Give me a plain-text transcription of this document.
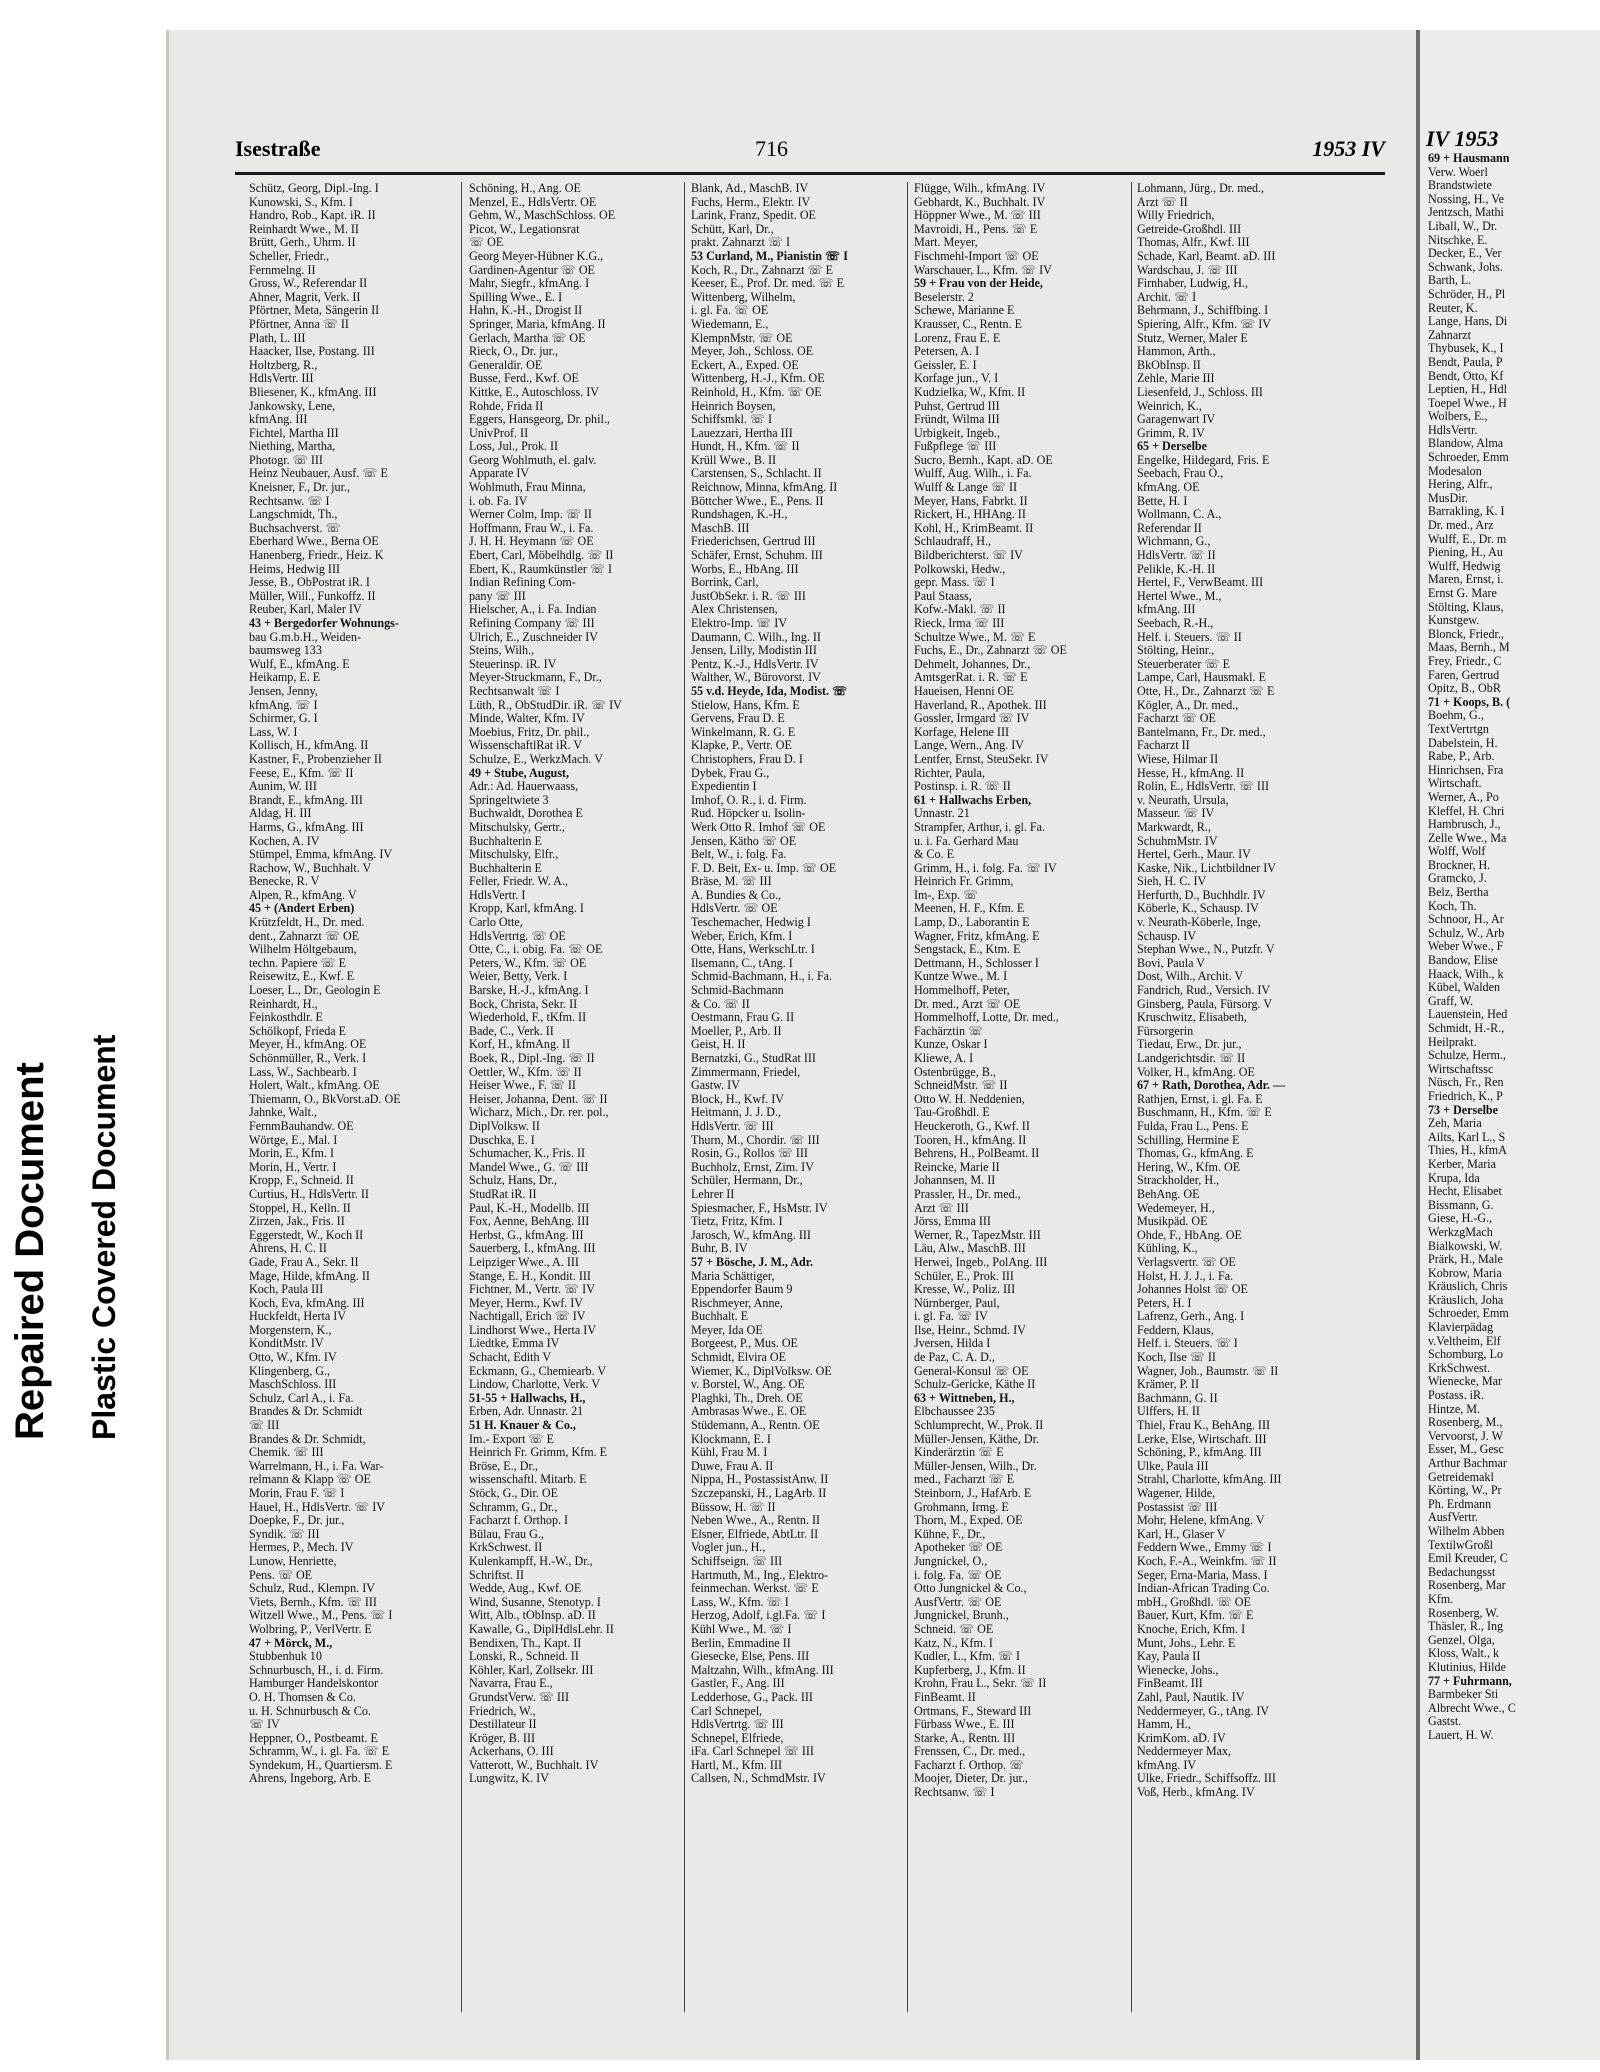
Repaired Document Plastic Covered Document
Isestraße	716	1953 IV
Schütz, Georg, Dipl.-Ing. I
Kunowski, S., Kfm. I
Handro, Rob., Kapt. iR. II
Reinhardt Wwe., M. II
Brütt, Gerh., Uhrm. II
Scheller, Friedr.,
Fernmelng. II
Gross, W., Referendar II
Ahner, Magrit, Verk. II
Pförtner, Meta, Sängerin II
Pförtner, Anna ☏ II
Plath, L. III
Haacker, Ilse, Postang. III
Holtzberg, R.,
HdlsVertr. III
Bliesener, K., kfmAng. III
Jankowsky, Lene,
kfmAng. III
Fichtel, Martha III
Niething, Martha,
Photogr. ☏ III
Heinz Neubauer, Ausf. ☏ E
Kneisner, F., Dr. jur.,
Rechtsanw. ☏ I
Langschmidt, Th.,
Buchsachverst. ☏
Eberhard Wwe., Berna OE
Hanenberg, Friedr., Heiz. K
Heims, Hedwig III
Jesse, B., ObPostrat iR. I
Müller, Will., Funkoffz. II
Reuber, Karl, Maler IV
43 + Bergedorfer Wohnungs-
bau G.m.b.H., Weiden-
baumsweg 133
Wulf, E., kfmAng. E
Heikamp, E. E
Jensen, Jenny,
kfmAng. ☏ I
Schirmer, G. I
Lass, W. I
Kollisch, H., kfmAng. II
Kastner, F., Probenzieher II
Feese, E., Kfm. ☏ II
Aunim, W. III
Brandt, E., kfmAng. III
Aldag, H. III
Harms, G., kfmAng. III
Kochen, A. IV
Stümpel, Emma, kfmAng. IV
Rachow, W., Buchhalt. V
Benecke, R. V
Alpen, R., kfmAng. V
45 + (Andert Erben)
Krützfeldt, H., Dr. med.
dent., Zahnarzt ☏ OE
Wilhelm Höltgebaum,
techn. Papiere ☏ E
Reisewitz, E., Kwf. E
Loeser, L., Dr., Geologin E
Reinhardt, H.,
Feinkosthdlr. E
Schölkopf, Frieda E
Meyer, H., kfmAng. OE
Schönmüller, R., Verk. I
Lass, W., Sachbearb. I
Holert, Walt., kfmAng. OE
Thiemann, O., BkVorst.aD. OE
Jahnke, Walt.,
FernmBauhandw. OE
Wörtge, E., Mal. I
Morin, E., Kfm. I
Morin, H., Vertr. I
Kropp, F., Schneid. II
Curtius, H., HdlsVertr. II
Stoppel, H., Kelln. II
Zirzen, Jak., Fris. II
Eggerstedt, W., Koch II
Ahrens, H. C. II
Gade, Frau A., Sekr. II
Mage, Hilde, kfmAng. II
Koch, Paula III
Koch, Eva, kfmAng. III
Huckfeldt, Herta IV
Morgenstern, K.,
KonditMstr. IV
Otto, W., Kfm. IV
Klingenberg, G.,
MaschSchloss. III
Schulz, Carl A., i. Fa.
Brandes & Dr. Schmidt
☏ III
Brandes & Dr. Schmidt,
Chemik. ☏ III
Warrelmann, H., i. Fa. War-
relmann & Klapp ☏ OE
Morin, Frau F. ☏ I
Hauel, H., HdlsVertr. ☏ IV
Doepke, F., Dr. jur.,
Syndik. ☏ III
Hermes, P., Mech. IV
Lunow, Henriette,
Pens. ☏ OE
Schulz, Rud., Klempn. IV
Viets, Bernh., Kfm. ☏ III
Witzell Wwe., M., Pens. ☏ I
Wolbring, P., VerlVertr. E
47 + Mörck, M.,
Stubbenhuk 10
Schnurbusch, H., i. d. Firm.
Hamburger Handelskontor
O. H. Thomsen & Co.
u. H. Schnurbusch & Co.
☏ IV
Heppner, O., Postbeamt. E
Schramm, W., i. gl. Fa. ☏ E
Syndekum, H., Quartiersm. E
Ahrens, Ingeborg, Arb. E
Schöning, H., Ang. OE
Menzel, E., HdlsVertr. OE
Gehm, W., MaschSchloss. OE
Picot, W., Legationsrat
☏ OE
Georg Meyer-Hübner K.G.,
Gardinen-Agentur ☏ OE
Mahr, Siegfr., kfmAng. I
Spilling Wwe., E. I
Hahn, K.-H., Drogist II
Springer, Maria, kfmAng. II
Gerlach, Martha ☏ OE
Rieck, O., Dr. jur.,
Generaldir. OE
Busse, Ferd., Kwf. OE
Kittke, E., Autoschloss. IV
Rohde, Frida II
Eggers, Hansgeorg, Dr. phil.,
UnivProf. II
Loss, Jul., Prok. II
Georg Wohlmuth, el. galv.
Apparate IV
Wohlmuth, Frau Minna,
i. ob. Fa. IV
Werner Colm, Imp. ☏ II
Hoffmann, Frau W., i. Fa.
J. H. H. Heymann ☏ OE
Ebert, Carl, Möbelhdlg. ☏ II
Ebert, K., Raumkünstler ☏ I
Indian Refining Com-
pany ☏ III
Hielscher, A., i. Fa. Indian
Refining Company ☏ III
Ulrich, E., Zuschneider IV
Steins, Wilh.,
Steuerinsp. iR. IV
Meyer-Struckmann, F., Dr.,
Rechtsanwalt ☏ I
Lüth, R., ObStudDir. iR. ☏ IV
Minde, Walter, Kfm. IV
Moebius, Fritz, Dr. phil.,
WissenschaftlRat iR. V
Schulze, E., WerkzMach. V
49 + Stube, August,
Adr.: Ad. Hauerwaass,
Springeltwiete 3
Buchwaldt, Dorothea E
Mitschulsky, Gertr.,
Buchhalterin E
Mitschulsky, Elfr.,
Buchhalterin E
Feller, Friedr. W. A.,
HdlsVertr. I
Kropp, Karl, kfmAng. I
Carlo Otte,
HdlsVertrtg. ☏ OE
Otte, C., i. obig. Fa. ☏ OE
Peters, W., Kfm. ☏ OE
Weier, Betty, Verk. I
Barske, H.-J., kfmAng. I
Bock, Christa, Sekr. II
Wiederhold, F., tKfm. II
Bade, C., Verk. II
Korf, H., kfmAng. II
Boek, R., Dipl.-Ing. ☏ II
Oettler, W., Kfm. ☏ II
Heiser Wwe., F. ☏ II
Heiser, Johanna, Dent. ☏ II
Wicharz, Mich., Dr. rer. pol.,
DiplVolksw. II
Duschka, E. I
Schumacher, K., Fris. II
Mandel Wwe., G. ☏ III
Schulz, Hans, Dr.,
StudRat iR. II
Paul, K.-H., Modellb. III
Fox, Aenne, BehAng. III
Herbst, G., kfmAng. III
Sauerberg, I., kfmAng. III
Leipziger Wwe., A. III
Stange, E. H., Kondit. III
Fichtner, M., Vertr. ☏ IV
Meyer, Herm., Kwf. IV
Nachtigall, Erich ☏ IV
Lindhorst Wwe., Herta IV
Liedtke, Emma IV
Schacht, Edith V
Eckmann, G., Chemiearb. V
Lindow, Charlotte, Verk. V
51-55 + Hallwachs, H.,
Erben, Adr. Unnastr. 21
51 H. Knauer & Co.,
Im.- Export ☏ E
Heinrich Fr. Grimm, Kfm. E
Bröse, E., Dr.,
wissenschaftl. Mitarb. E
Stöck, G., Dir. OE
Schramm, G., Dr.,
Facharzt f. Orthop. I
Bülau, Frau G.,
KrkSchwest. II
Kulenkampff, H.-W., Dr.,
Schriftst. II
Wedde, Aug., Kwf. OE
Wind, Susanne, Stenotyp. I
Witt, Alb., tObInsp. aD. II
Kawalle, G., DiplHdlsLehr. II
Bendixen, Th., Kapt. II
Lonski, R., Schneid. II
Köhler, Karl, Zollsekr. III
Navarra, Frau E.,
GrundstVerw. ☏ III
Friedrich, W.,
Destillateur II
Kröger, B. III
Ackerhans, O. III
Vatterott, W., Buchhalt. IV
Lungwitz, K. IV
Blank, Ad., MaschB. IV
Fuchs, Herm., Elektr. IV
Larink, Franz, Spedit. OE
Schütt, Karl, Dr.,
prakt. Zahnarzt ☏ I
53 Curland, M., Pianistin ☏ I
Koch, R., Dr., Zahnarzt ☏ E
Keeser, E., Prof. Dr. med. ☏ E
Wittenberg, Wilhelm,
i. gl. Fa. ☏ OE
Wiedemann, E.,
KlempnMstr. ☏ OE
Meyer, Joh., Schloss. OE
Eckert, A., Exped. OE
Wittenberg, H.-J., Kfm. OE
Reinhold, H., Kfm. ☏ OE
Heinrich Boysen,
Schiffsmkl. ☏ I
Lauezzari, Hertha III
Hundt, H., Kfm. ☏ II
Krüll Wwe., B. II
Carstensen, S., Schlacht. II
Reichnow, Minna, kfmAng. II
Böttcher Wwe., E., Pens. II
Rundshagen, K.-H.,
MaschB. III
Friederichsen, Gertrud III
Schäfer, Ernst, Schuhm. III
Worbs, E., HbAng. III
Borrink, Carl,
JustObSekr. i. R. ☏ III
Alex Christensen,
Elektro-Imp. ☏ IV
Daumann, C. Wilh., Ing. II
Jensen, Lilly, Modistin III
Pentz, K.-J., HdlsVertr. IV
Walther, W., Bürovorst. IV
55 v.d. Heyde, Ida, Modist. ☏
Stielow, Hans, Kfm. E
Gervens, Frau D. E
Winkelmann, R. G. E
Klapke, P., Vertr. OE
Christophers, Frau D. I
Dybek, Frau G.,
Expedientin I
Imhof, O. R., i. d. Firm.
Rud. Höpcker u. Isolin-
Werk Otto R. Imhof ☏ OE
Jensen, Kätho ☏ OE
Belt, W., i. folg. Fa.
F. D. Beit, Ex- u. Imp. ☏ OE
Bräse, M. ☏ III
A. Bundies & Co.,
HdlsVertr. ☏ OE
Teschemacher, Hedwig I
Weber, Erich, Kfm. I
Otte, Hans, WerkschLtr. I
Ilsemann, C., tAng. I
Schmid-Bachmann, H., i. Fa.
Schmid-Bachmann
& Co. ☏ II
Oestmann, Frau G. II
Moeller, P., Arb. II
Geist, H. II
Bernatzki, G., StudRat III
Zimmermann, Friedel,
Gastw. IV
Block, H., Kwf. IV
Heitmann, J. J. D.,
HdlsVertr. ☏ III
Thurn, M., Chordir. ☏ III
Rosin, G., Rollos ☏ III
Buchholz, Ernst, Zim. IV
Schüler, Hermann, Dr.,
Lehrer II
Spiesmacher, F., HsMstr. IV
Tietz, Fritz, Kfm. I
Jarosch, W., kfmAng. III
Buhr, B. IV
57 + Bösche, J. M., Adr.
Maria Schättiger,
Eppendorfer Baum 9
Rischmeyer, Anne,
Buchhalt. E
Meyer, Ida OE
Borgeest, P., Mus. OE
Schmidt, Elvira OE
Wiemer, K., DiplVolksw. OE
v. Borstel, W., Ang. OE
Plaghki, Th., Dreh. OE
Ambrasas Wwe., E. OE
Stüdemann, A., Rentn. OE
Klockmann, E. I
Kühl, Frau M. I
Duwe, Frau A. II
Nippa, H., PostassistAnw. II
Szczepanski, H., LagArb. II
Büssow, H. ☏ II
Neben Wwe., A., Rentn. II
Elsner, Elfriede, AbtLtr. II
Vogler jun., H.,
Schiffseign. ☏ III
Hartmuth, M., Ing., Elektro-
feinmechan. Werkst. ☏ E
Lass, W., Kfm. ☏ I
Herzog, Adolf, i.gl.Fa. ☏ I
Kühl Wwe., M. ☏ I
Berlin, Emmadine II
Giesecke, Else, Pens. III
Maltzahn, Wilh., kfmAng. III
Gastler, F., Ang. III
Ledderhose, G., Pack. III
Carl Schnepel,
HdlsVertrtg. ☏ III
Schnepel, Elfriede,
iFa. Carl Schnepel ☏ III
Hartl, M., Kfm. III
Callsen, N., SchmdMstr. IV
Flügge, Wilh., kfmAng. IV
Gebhardt, K., Buchhalt. IV
Höppner Wwe., M. ☏ III
Mavroidi, H., Pens. ☏ E
Mart. Meyer,
Fischmehl-Import ☏ OE
Warschauer, L., Kfm. ☏ IV
59 + Frau von der Heide,
Beselerstr. 2
Schewe, Marianne E
Krausser, C., Rentn. E
Lorenz, Frau E. E
Petersen, A. I
Geissler, E. I
Korfage jun., V. I
Kudzielka, W., Kfm. II
Puhst, Gertrud III
Fründt, Wilma III
Urbigkeit, Ingeb.,
Fußpflege ☏ III
Sucro, Bernh., Kapt. aD. OE
Wulff, Aug. Wilh., i. Fa.
Wulff & Lange ☏ II
Meyer, Hans, Fabrkt. II
Rickert, H., HHAng. II
Kohl, H., KrimBeamt. II
Schlaudraff, H.,
Bildberichterst. ☏ IV
Polkowski, Hedw.,
gepr. Mass. ☏ I
Paul Staass,
Kofw.-Makl. ☏ II
Rieck, Irma ☏ III
Schultze Wwe., M. ☏ E
Fuchs, E., Dr., Zahnarzt ☏ OE
Dehmelt, Johannes, Dr.,
AmtsgerRat. i. R. ☏ E
Haueisen, Henni OE
Haverland, R., Apothek. III
Gossler, Irmgard ☏ IV
Korfage, Helene III
Lange, Wern., Ang. IV
Lentfer, Ernst, SteuSekr. IV
Richter, Paula,
Postinsp. i. R. ☏ II
61 + Hallwachs Erben,
Unnastr. 21
Strampfer, Arthur, i. gl. Fa.
u. i. Fa. Gerhard Mau
& Co. E
Grimm, H., i. folg. Fa. ☏ IV
Heinrich Fr. Grimm,
Im-, Exp. ☏
Meenen, H. F., Kfm. E
Lamp, D., Laborantin E
Wagner, Fritz, kfmAng. E
Sengstack, E., Ktm. E
Dettmann, H., Schlosser I
Kuntze Wwe., M. I
Hommelhoff, Peter,
Dr. med., Arzt ☏ OE
Hommelhoff, Lotte, Dr. med.,
Fachärztin ☏
Kunze, Oskar I
Kliewe, A. I
Ostenbrügge, B.,
SchneidMstr. ☏ II
Otto W. H. Neddenien,
Tau-Großhdl. E
Heuckeroth, G., Kwf. II
Tooren, H., kfmAng. II
Behrens, H., PolBeamt. II
Reincke, Marie II
Johannsen, M. II
Prassler, H., Dr. med.,
Arzt ☏ III
Jörss, Emma III
Werner, R., TapezMstr. III
Läu, Alw., MaschB. III
Herwei, Ingeb., PolAng. III
Schüler, E., Prok. III
Kresse, W., Poliz. III
Nürnberger, Paul,
i. gl. Fa. ☏ IV
Ilse, Heinr., Schmd. IV
Jversen, Hilda I
de Paz, C. A. D.,
General-Konsul ☏ OE
Schulz-Gericke, Käthe II
63 + Wittneben, H.,
Elbchaussee 235
Schlumprecht, W., Prok. II
Müller-Jensen, Käthe, Dr.
Kinderärztin ☏ E
Müller-Jensen, Wilh., Dr.
med., Facharzt ☏ E
Steinborn, J., HafArb. E
Grohmann, Irmg. E
Thorn, M., Exped. OE
Kühne, F., Dr.,
Apotheker ☏ OE
Jungnickel, O.,
i. folg. Fa. ☏ OE
Otto Jungnickel & Co.,
AusfVertr. ☏ OE
Jungnickel, Brunh.,
Schneid. ☏ OE
Katz, N., Kfm. I
Kudler, L., Kfm. ☏ I
Kupferberg, J., Kfm. II
Krohn, Frau L., Sekr. ☏ II
FinBeamt. II
Ortmans, F., Steward III
Fürbass Wwe., E. III
Starke, A., Rentn. III
Frenssen, C., Dr. med.,
Facharzt f. Orthop. ☏
Moojer, Dieter, Dr. jur.,
Rechtsanw. ☏ I
Lohmann, Jürg., Dr. med.,
Arzt ☏ II
Willy Friedrich,
Getreide-Großhdl. III
Thomas, Alfr., Kwf. III
Schade, Karl, Beamt. aD. III
Wardschau, J. ☏ III
Firnhaber, Ludwig, H.,
Archit. ☏ I
Behrmann, J., Schiffbing. I
Spiering, Alfr., Kfm. ☏ IV
Stutz, Werner, Maler E
Hammon, Arth.,
BkObInsp. II
Zehle, Marie III
Liesenfeld, J., Schloss. III
Weinrich, K.,
Garagenwart IV
Grimm, R. IV
65 + Derselbe
Engelke, Hildegard, Fris. E
Seebach, Frau O.,
kfmAng. OE
Bette, H. I
Wollmann, C. A.,
Referendar II
Wichmann, G.,
HdlsVertr. ☏ II
Pelikle, K.-H. II
Hertel, F., VerwBeamt. III
Hertel Wwe., M.,
kfmAng. III
Seebach, R.-H.,
Helf. i. Steuers. ☏ II
Stölting, Heinr.,
Steuerberater ☏ E
Lampe, Carl, Hausmakl. E
Otte, H., Dr., Zahnarzt ☏ E
Kögler, A., Dr. med.,
Facharzt ☏ OE
Bantelmann, Fr., Dr. med.,
Facharzt II
Wiese, Hilmar II
Hesse, H., kfmAng. II
Rolin, E., HdlsVertr. ☏ III
v. Neurath, Ursula,
Masseur. ☏ IV
Markwardt, R.,
SchuhmMstr. IV
Hertel, Gerh., Maur. IV
Kaske, Nik., Lichtbildner IV
Sieh, H. C. IV
Herfurth, D., Buchhdlr. IV
Köberle, K., Schausp. IV
v. Neurath-Köberle, Inge,
Schausp. IV
Stephan Wwe., N., Putzfr. V
Bovi, Paula V
Dost, Wilh., Archit. V
Fandrich, Rud., Versich. IV
Ginsberg, Paula, Fürsorg. V
Kruschwitz, Elisabeth,
Fürsorgerin
Tiedau, Erw., Dr. jur.,
Landgerichtsdir. ☏ II
Volker, H., kfmAng. OE
67 + Rath, Dorothea, Adr. —
Rathjen, Ernst, i. gl. Fa. E
Buschmann, H., Kfm. ☏ E
Fulda, Frau L., Pens. E
Schilling, Hermine E
Thomas, G., kfmAng. E
Hering, W., Kfm. OE
Strackholder, H.,
BehAng. OE
Wedemeyer, H.,
Musikpäd. OE
Ohde, F., HbAng. OE
Kühling, K.,
Verlagsvertr. ☏ OE
Holst, H. J. J., i. Fa.
Johannes Holst ☏ OE
Peters, H. I
Lafrenz, Gerh., Ang. I
Feddern, Klaus,
Helf. i. Steuers. ☏ I
Koch, Ilse ☏ II
Wagner, Joh., Baumstr. ☏ II
Krämer, P. II
Bachmann, G. II
Ulffers, H. II
Thiel, Frau K., BehAng. III
Lerke, Else, Wirtschaft. III
Schöning, P., kfmAng. III
Ulke, Paula III
Strahl, Charlotte, kfmAng. III
Wagener, Hilde,
Postassist ☏ III
Mohr, Helene, kfmAng. V
Karl, H., Glaser V
Feddern Wwe., Emmy ☏ I
Koch, F.-A., Weinkfm. ☏ II
Seger, Erna-Maria, Mass. I
Indian-African Trading Co.
mbH., Großhdl. ☏ OE
Bauer, Kurt, Kfm. ☏ E
Knoche, Erich, Kfm. I
Munt, Johs., Lehr. E
Kay, Paula II
Wienecke, Johs.,
FinBeamt. III
Zahl, Paul, Nautik. IV
Neddermeyer, G., tAng. IV
Hamm, H.,
KrimKom. aD. IV
Neddermeyer Max,
kfmAng. IV
Ulke, Friedr., Schiffsoffz. III
Voß, Herb., kfmAng. IV
IV 1953
69 + Hausmann
Verw. Woerl
Brandstwiete
Nossing, H., Ve
Jentzsch, Mathi
Liball, W., Dr.
Nitschke, E.
Decker, E., Ver
Schwank, Johs.
Barth, L.
Schröder, H., Pl
Reuter, K.
Lange, Hans, Di
Zahnarzt
Thybusek, K., I
Bendt, Paula, P
Bendt, Otto, Kf
Leptien, H., Hdl
Toepel Wwe., H
Wolbers, E.,
HdlsVertr.
Blandow, Alma
Schroeder, Emm
Modesalon
Hering, Alfr.,
MusDir.
Barrakling, K. I
Dr. med., Arz
Wulff, E., Dr. m
Piening, H., Au
Wulff, Hedwig
Maren, Ernst, i.
Ernst G. Mare
Stölting, Klaus,
Kunstgew.
Blonck, Friedr.,
Maas, Bernh., M
Frey, Friedr., C
Faren, Gertrud
Opitz, B., ObR
71 + Koops, B. (
Boehm, G.,
TextVertrtgn
Dabelstein, H.
Rabe, P., Arb.
Hinrichsen, Fra
Wirtschaft.
Werner, A., Po
Kleffel, H. Chri
Hambrusch, J.,
Zelle Wwe., Ma
Wolff, Wolf
Brockner, H.
Gramcko, J.
Belz, Bertha
Koch, Th.
Schnoor, H., Ar
Schulz, W., Arb
Weber Wwe., F
Bandow, Elise
Haack, Wilh., k
Kübel, Walden
Graff, W.
Lauenstein, Hed
Schmidt, H.-R.,
Heilprakt.
Schulze, Herm.,
Wirtschaftssc
Nüsch, Fr., Ren
Friedrich, K., P
73 + Derselbe
Zeh, Maria
Ailts, Karl L., S
Thies, H., kfmA
Kerber, Maria
Krupa, Ida
Hecht, Elisabet
Bissmann, G.
Giese, H.-G.,
WerkzgMach
Bialkowski, W.
Prärk, H., Male
Kobrow, Maria
Kräuslich, Chris
Kräuslich, Joha
Schroeder, Emm
Klavierpädag
v.Veltheim, Elf
Schomburg, Lo
KrkSchwest.
Wienecke, Mar
Postass. iR.
Hintze, M.
Rosenberg, M.,
Vervoorst, J. W
Esser, M., Gesc
Arthur Bachmar
Getreidemakl
Körting, W., Pr
Ph. Erdmann
AusfVertr.
Wilhelm Abben
TextilwGroßl
Emil Kreuder, C
Bedachungsst
Rosenberg, Mar
Kfm.
Rosenberg, W.
Thäsler, R., Ing
Genzel, Olga,
Kloss, Walt., k
Klutinius, Hilde
77 + Fuhrmann,
Barmbeker Sti
Albrecht Wwe., C
Gastst.
Lauert, H. W.
